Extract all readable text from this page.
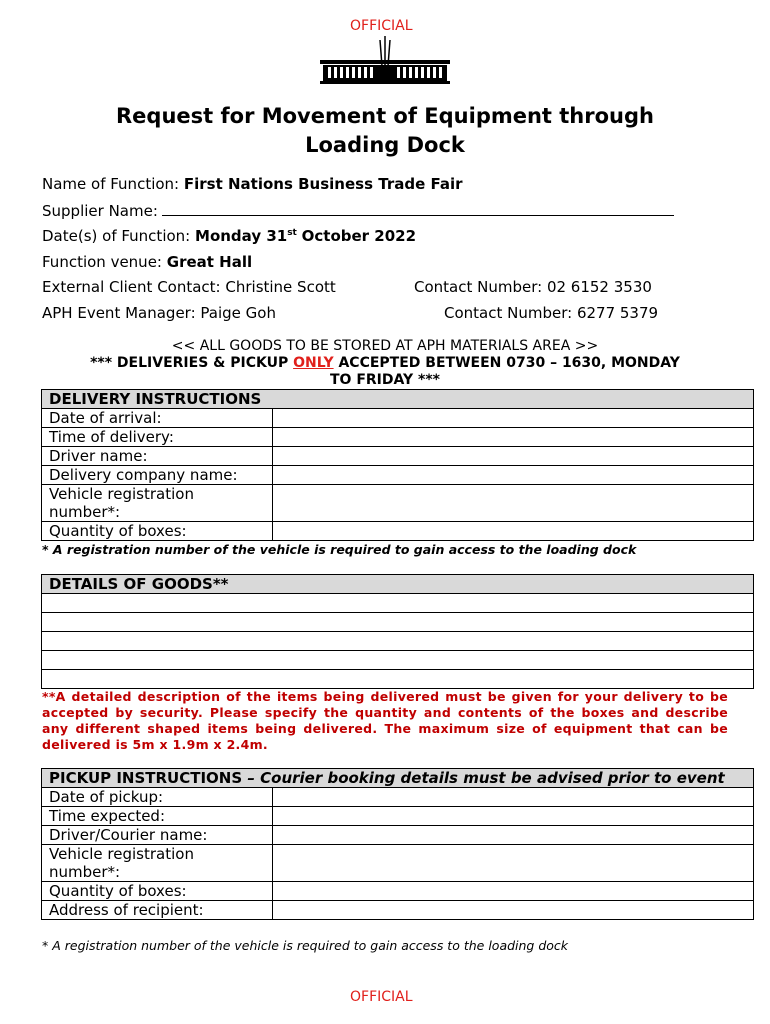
OFFICIAL
Request for Movement of Equipment through
Loading Dock
Name of Function: First Nations Business Trade Fair
Supplier Name:
Date(s) of Function: Monday 31st October 2022
Function venue: Great Hall
External Client Contact: Christine Scott	Contact Number: 02 6152 3530
APH Event Manager: Paige Goh	Contact Number: 6277 5379
<< ALL GOODS TO BE STORED AT APH MATERIALS AREA >>
*** DELIVERIES & PICKUP ONLY ACCEPTED BETWEEN 0730 – 1630, MONDAY
TO FRIDAY ***
DELIVERY INSTRUCTIONS	
Date of arrival:	
Time of delivery:	
Driver name:	
Delivery company name:	
Vehicle registration number*:	
Quantity of boxes:	
* A registration number of the vehicle is required to gain access to the loading dock
DETAILS OF GOODS**

**A detailed description of the items being delivered must be given for your delivery to be accepted by security. Please specify the quantity and contents of the boxes and describe any different shaped items being delivered. The maximum size of equipment that can be delivered is 5m x 1.9m x 2.4m.
PICKUP INSTRUCTIONS – Courier booking details must be advised prior to event	
Date of pickup:	
Time expected:	
Driver/Courier name:	
Vehicle registration number*:	
Quantity of boxes:	
Address of recipient:	
* A registration number of the vehicle is required to gain access to the loading dock
OFFICIAL
